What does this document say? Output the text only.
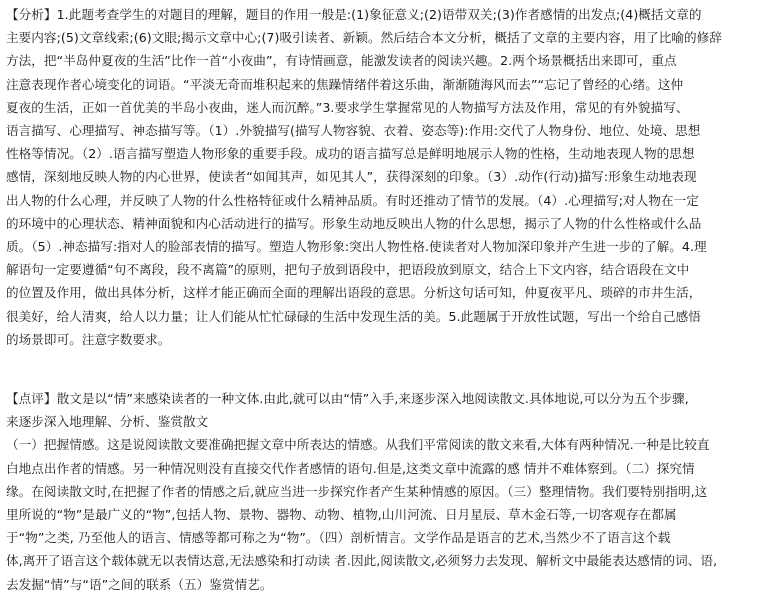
【分析】1.此题考查学生的对题目的理解，题目的作用一般是:(1)象征意义;(2)语带双关;(3)作者感情的出发点;(4)概括文章的
主要内容;(5)文章线索;(6)文眼;揭示文章中心;(7)吸引读者、新颖。然后结合本文分析，概括了文章的主要内容，用了比喻的修辞
方法，把“半岛仲夏夜的生活”比作一首“小夜曲”，有诗情画意，能激发读者的阅读兴趣。2.两个场景概括出来即可，重点
注意表现作者心境变化的词语。“平淡无奇而堆积起来的焦躁情绪伴着这乐曲，渐渐随海风而去”“忘记了曾经的心绪。这仲
夏夜的生活，正如一首优美的半岛小夜曲，迷人而沉醉。”3.要求学生掌握常见的人物描写方法及作用，常见的有外貌描写、
语言描写、心理描写、神态描写等。（1）.外貌描写(描写人物容貌、衣着、姿态等):作用:交代了人物身份、地位、处境、思想
性格等情况。（2）.语言描写塑造人物形象的重要手段。成功的语言描写总是鲜明地展示人物的性格，生动地表现人物的思想
感情，深刻地反映人物的内心世界，使读者“如闻其声，如见其人”，获得深刻的印象。（3）.动作(行动)描写:形象生动地表现
出人物的什么心理，并反映了人物的什么性格特征或什么精神品质。有时还推动了情节的发展。（4）.心理描写;对人物在一定
的环境中的心理状态、精神面貌和内心活动进行的描写。形象生动地反映出人物的什么思想，揭示了人物的什么性格或什么品
质。（5）.神态描写:指对人的脸部表情的描写。塑造人物形象:突出人物性格.使读者对人物加深印象并产生进一步的了解。4.理
解语句一定要遵循“句不离段，段不离篇”的原则，把句子放到语段中，把语段放到原文，结合上下文内容，结合语段在文中
的位置及作用，做出具体分析，这样才能正确而全面的理解出语段的意思。分析这句话可知，仲夏夜平凡、琐碎的市井生活，
很美好，给人清爽，给人以力量；让人们能从忙忙碌碌的生活中发现生活的美。5.此题属于开放性试题，写出一个给自己感悟
的场景即可。注意字数要求。
【点评】散文是以“情”来感染读者的一种文体.由此,就可以由“情”入手,来逐步深入地阅读散文.具体地说,可以分为五个步骤,
来逐步深入地理解、分析、鉴赏散文
（一）把握情感。这是说阅读散文要准确把握文章中所表达的情感。从我们平常阅读的散文来看,大体有两种情况.一种是比较直
白地点出作者的情感。另一种情况则没有直接交代作者感情的语句.但是,这类文章中流露的感 情并不难体察到。（二）探究情
缘。在阅读散文时,在把握了作者的情感之后,就应当进一步探究作者产生某种情感的原因。（三）整理情物。我们要特别指明,这
里所说的“物”是最广义的“物”,包括人物、景物、器物、动物、植物,山川河流、日月星辰、草木金石等,一切客观存在都属
于“物”之类, 乃至他人的语言、情感等都可称之为“物”。（四）剖析情言。文学作品是语言的艺术,当然少不了语言这个载
体,离开了语言这个载体就无以表情达意,无法感染和打动读 者.因此,阅读散文,必须努力去发现、解析文中最能表达感情的词、语,
去发掘“情”与“语”之间的联系（五）鉴赏情艺。
